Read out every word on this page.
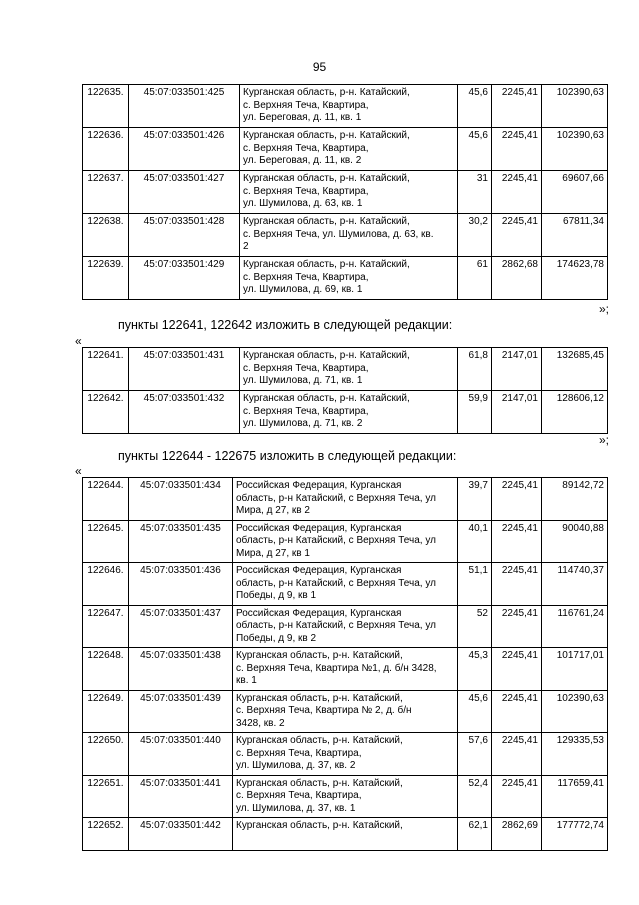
95
122635.	45:07:033501:425	Курганская область, р-н. Катайский,
с. Верхняя Теча, Квартира,
ул. Береговая, д. 11, кв. 1	45,6	2245,41	102390,63
122636.	45:07:033501:426	Курганская область, р-н. Катайский,
с. Верхняя Теча, Квартира,
ул. Береговая, д. 11, кв. 2	45,6	2245,41	102390,63
122637.	45:07:033501:427	Курганская область, р-н. Катайский,
с. Верхняя Теча, Квартира,
ул. Шумилова, д. 63, кв. 1	31	2245,41	69607,66
122638.	45:07:033501:428	Курганская область, р-н. Катайский,
с. Верхняя Теча, ул. Шумилова, д. 63, кв.
2	30,2	2245,41	67811,34
122639.	45:07:033501:429	Курганская область, р-н. Катайский,
с. Верхняя Теча, Квартира,
ул. Шумилова, д. 69, кв. 1	61	2862,68	174623,78
»;
пункты 122641, 122642 изложить в следующей редакции:
«
122641.	45:07:033501:431	Курганская область, р-н. Катайский,
с. Верхняя Теча, Квартира,
ул. Шумилова, д. 71, кв. 1	61,8	2147,01	132685,45
122642.	45:07:033501:432	Курганская область, р-н. Катайский,
с. Верхняя Теча, Квартира,
ул. Шумилова, д. 71, кв. 2	59,9	2147,01	128606,12
»;
пункты 122644 - 122675 изложить в следующей редакции:
«
122644.	45:07:033501:434	Российская Федерация, Курганская
область, р-н Катайский, с Верхняя Теча, ул
Мира, д 27, кв 2	39,7	2245,41	89142,72
122645.	45:07:033501:435	Российская Федерация, Курганская
область, р-н Катайский, с Верхняя Теча, ул
Мира, д 27, кв 1	40,1	2245,41	90040,88
122646.	45:07:033501:436	Российская Федерация, Курганская
область, р-н Катайский, с Верхняя Теча, ул
Победы, д 9, кв 1	51,1	2245,41	114740,37
122647.	45:07:033501:437	Российская Федерация, Курганская
область, р-н Катайский, с Верхняя Теча, ул
Победы, д 9, кв 2	52	2245,41	116761,24
122648.	45:07:033501:438	Курганская область, р-н. Катайский,
с. Верхняя Теча, Квартира №1, д. б/н 3428,
кв. 1	45,3	2245,41	101717,01
122649.	45:07:033501:439	Курганская область, р-н. Катайский,
с. Верхняя Теча, Квартира № 2, д. б/н
3428, кв. 2	45,6	2245,41	102390,63
122650.	45:07:033501:440	Курганская область, р-н. Катайский,
с. Верхняя Теча, Квартира,
ул. Шумилова, д. 37, кв. 2	57,6	2245,41	129335,53
122651.	45:07:033501:441	Курганская область, р-н. Катайский,
с. Верхняя Теча, Квартира,
ул. Шумилова, д. 37, кв. 1	52,4	2245,41	117659,41
122652.	45:07:033501:442	Курганская область, р-н. Катайский,	62,1	2862,69	177772,74
